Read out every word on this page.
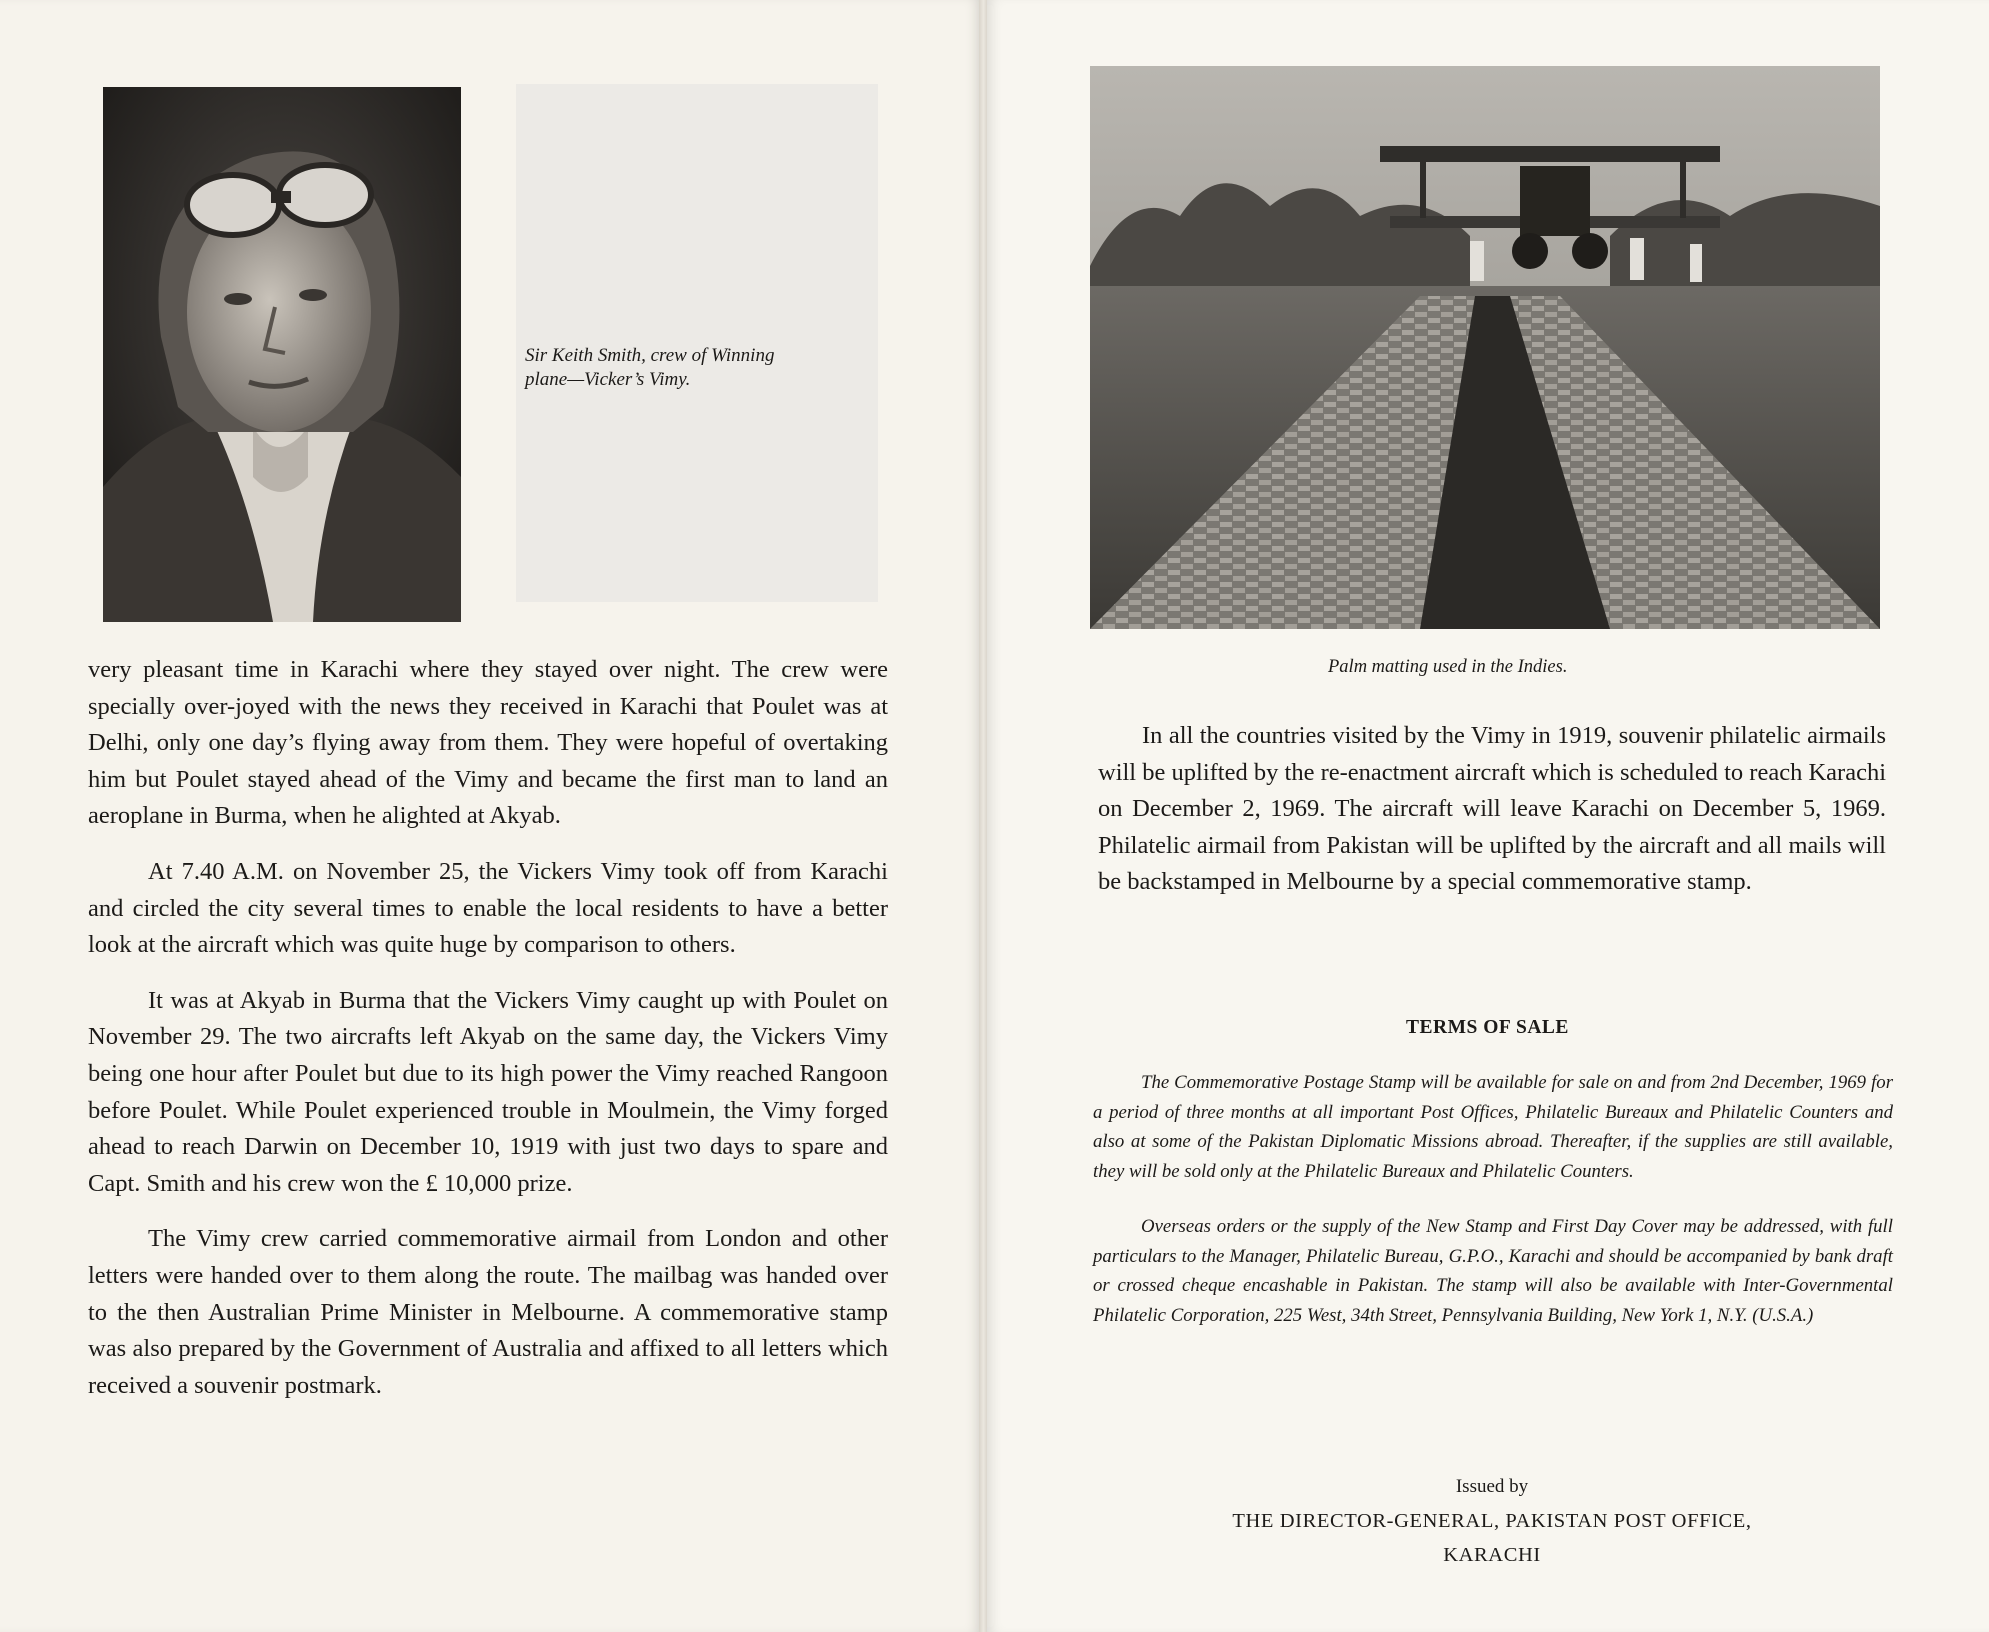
Sir Keith Smith, crew of Winning
plane—Vicker’s Vimy.

very pleasant time in Karachi where they stayed over night. The crew were specially over-joyed with the news they received in Karachi that Poulet was at Delhi, only one day’s flying away from them. They were hopeful of overtaking him but Poulet stayed ahead of the Vimy and became the first man to land an aeroplane in Burma, when he alighted at Akyab.

At 7.40 A.M. on November 25, the Vickers Vimy took off from Karachi and circled the city several times to enable the local residents to have a better look at the aircraft which was quite huge by comparison to others.

It was at Akyab in Burma that the Vickers Vimy caught up with Poulet on November 29. The two aircrafts left Akyab on the same day, the Vickers Vimy being one hour after Poulet but due to its high power the Vimy reached Rangoon before Poulet. While Poulet experienced trouble in Moulmein, the Vimy forged ahead to reach Darwin on December 10, 1919 with just two days to spare and Capt. Smith and his crew won the £ 10,000 prize.

The Vimy crew carried commemorative airmail from London and other letters were handed over to them along the route. The mailbag was handed over to the then Australian Prime Minister in Melbourne. A commemorative stamp was also prepared by the Government of Australia and affixed to all letters which received a souvenir postmark.

Palm matting used in the Indies.

In all the countries visited by the Vimy in 1919, souvenir philatelic airmails will be uplifted by the re-enactment aircraft which is scheduled to reach Karachi on December 2, 1969. The aircraft will leave Karachi on December 5, 1969. Philatelic airmail from Pakistan will be uplifted by the aircraft and all mails will be backstamped in Melbourne by a special commemorative stamp.

TERMS OF SALE

The Commemorative Postage Stamp will be available for sale on and from 2nd December, 1969 for a period of three months at all important Post Offices, Philatelic Bureaux and Philatelic Counters and also at some of the Pakistan Diplomatic Missions abroad. Thereafter, if the supplies are still available, they will be sold only at the Philatelic Bureaux and Philatelic Counters.

Overseas orders or the supply of the New Stamp and First Day Cover may be addressed, with full particulars to the Manager, Philatelic Bureau, G.P.O., Karachi and should be accompanied by bank draft or crossed cheque encashable in Pakistan. The stamp will also be available with Inter-Governmental Philatelic Corporation, 225 West, 34th Street, Pennsylvania Building, New York 1, N.Y. (U.S.A.)

Issued by
THE DIRECTOR-GENERAL, PAKISTAN POST OFFICE,
KARACHI
